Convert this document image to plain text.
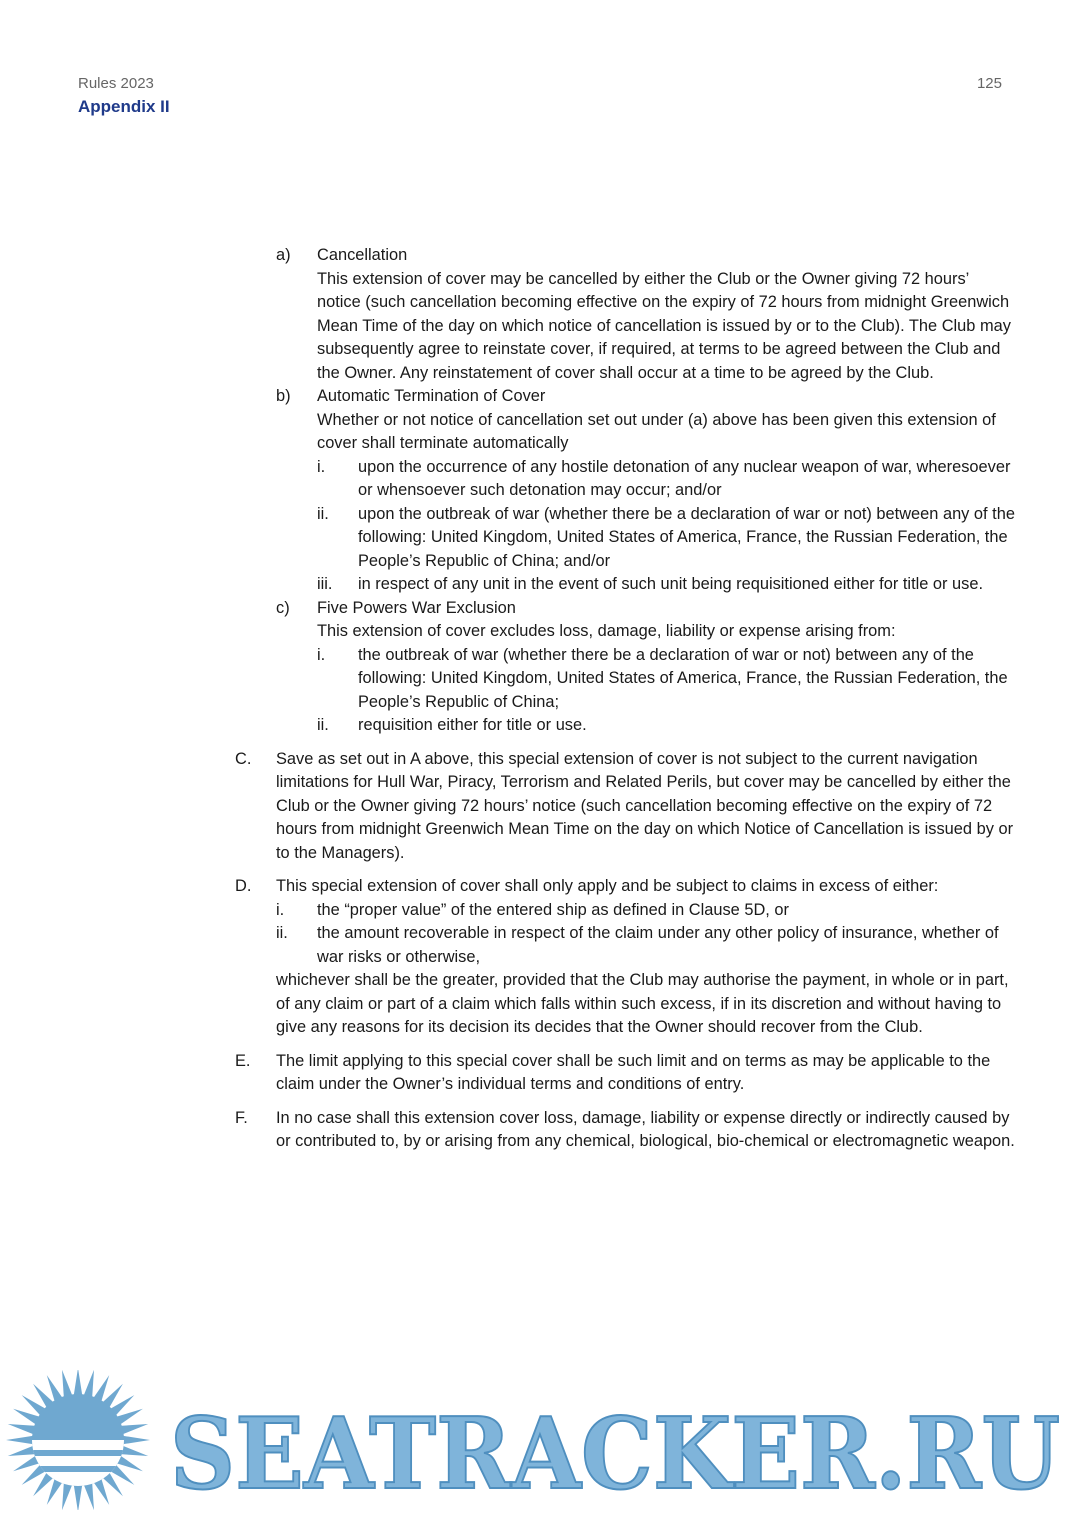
Rules 2023
Appendix II
125
a) Cancellation

This extension of cover may be cancelled by either the Club or the Owner giving 72 hours’ notice (such cancellation becoming effective on the expiry of 72 hours from midnight Greenwich Mean Time of the day on which notice of cancellation is issued by or to the Club). The Club may subsequently agree to reinstate cover, if required, at terms to be agreed between the Club and the Owner. Any reinstatement of cover shall occur at a time to be agreed by the Club.

b) Automatic Termination of Cover

Whether or not notice of cancellation set out under (a) above has been given this extension of cover shall terminate automatically

i. upon the occurrence of any hostile detonation of any nuclear weapon of war, wheresoever or whensoever such detonation may occur; and/or

ii. upon the outbreak of war (whether there be a declaration of war or not) between any of the following: United Kingdom, United States of America, France, the Russian Federation, the People’s Republic of China; and/or

iii. in respect of any unit in the event of such unit being requisitioned either for title or use.

c) Five Powers War Exclusion

This extension of cover excludes loss, damage, liability or expense arising from:

i. the outbreak of war (whether there be a declaration of war or not) between any of the following: United Kingdom, United States of America, France, the Russian Federation, the People’s Republic of China;

ii. requisition either for title or use.

C. Save as set out in A above, this special extension of cover is not subject to the current navigation limitations for Hull War, Piracy, Terrorism and Related Perils, but cover may be cancelled by either the Club or the Owner giving 72 hours’ notice (such cancellation becoming effective on the expiry of 72 hours from midnight Greenwich Mean Time on the day on which Notice of Cancellation is issued by or to the Managers).

D. This special extension of cover shall only apply and be subject to claims in excess of either:

i. the “proper value” of the entered ship as defined in Clause 5D, or

ii. the amount recoverable in respect of the claim under any other policy of insurance, whether of war risks or otherwise,

whichever shall be the greater, provided that the Club may authorise the payment, in whole or in part, of any claim or part of a claim which falls within such excess, if in its discretion and without having to give any reasons for its decision its decides that the Owner should recover from the Club.

E. The limit applying to this special cover shall be such limit and on terms as may be applicable to the claim under the Owner’s individual terms and conditions of entry.

F. In no case shall this extension cover loss, damage, liability or expense directly or indirectly caused by or contributed to, by or arising from any chemical, biological, bio-chemical or electromagnetic weapon.

SEATRACKER.RU
